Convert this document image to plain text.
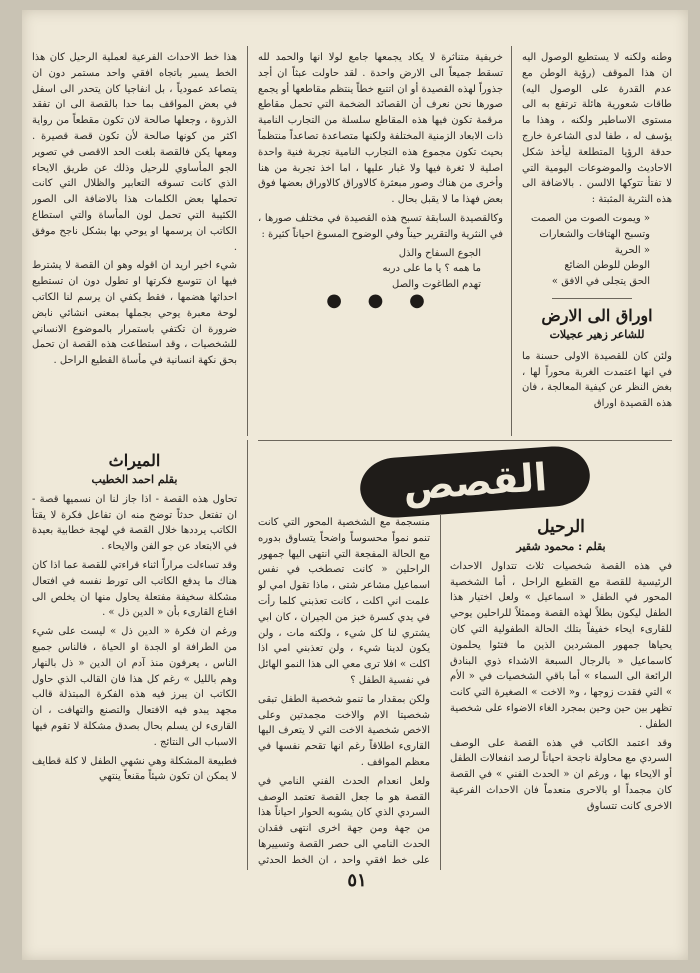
وطنه ولكنه لا يستطيع الوصول اليه ان هذا الموقف (رؤية الوطن مع عدم القدرة على الوصول اليه) طاقات شعورية هائلة ترتفع به الى مستوى الاساطير ولكنه ، وهذا ما يؤسف له ، طفا لدى الشاعرة خارج حدقة الرؤيا المتطلعة ليأخذ شكل الاحاديث والموضوعات اليومية التي لا تفتأ تتوكها الالسن . بالاضافة الى هذه النثرية المثبتة :

« ويموت الصوت من الصمت
وتسبح الهتافات والشعارات
« الحرية
الوطن للوطن الضائع
الحق يتجلى في الافق »
اوراق الى الارض
للشاعر زهير عجيلات

ولئن كان للقصيدة الاولى حسنة ما في انها اعتمدت الغربة محوراً لها ، بغض النظر عن كيفية المعالجة ، فان هذه القصيدة اوراق

خريفية متناثرة لا يكاد يجمعها جامع لولا انها والحمد لله تسقط جميعاً الى الارض واحدة . لقد حاولت عبثاً ان أجد جذوراً لهذه القصيدة أو ان اتتبع خطاً ينتظم مقاطعها أو يجمع صورها نحن نعرف أن القصائد الضخمة التي تحمل مقاطع مرقمة تكون فيها هذه المقاطع سلسلة من التجارب النامية ذات الابعاد الزمنية المختلفة ولكنها متصاعدة تصاعداً منتظماً بحيث تكون مجموع هذه التجارب النامية تجربة فنية واحدة اصلية لا ثغرة فيها ولا غبار عليها ، اما اخذ تجربة من هنا وأخرى من هناك وصور مبعثرة كالاوراق كالاوراق بعضها فوق بعض فهذا ما لا يقبل بحال .

وكالقصيدة السابقة تسبح هذه القصيدة في مختلف صورها ، في النثرية والتقرير حيناً وفي الوضوح المسوغ احياناً كثيرة :

الجوع السفاح والذل
ما همه ؟ يا ما على دربه
تهدم الطاغوت والصل
● ● ●

هذا خط الاحداث الفرعية لعملية الرحيل كان هذا الخط يسير باتجاه افقي واحد مستمر دون ان يتصاعد عمودياً ، بل انفاجيا كان يتحدر الى اسفل في بعض المواقف بما حدا بالقصة الى ان تفقد الذروة ، وجعلها صالحة لان تكون مقطعاً من رواية اكثر من كونها صالحة لأن تكون قصة قصيرة . ومعها يكن فالقصة بلغت الحد الاقصى في تصوير الجو المأساوي للرحيل وذلك عن طريق الايحاء الذي كانت تسوقه التعابير والظلال التي كانت تحملها بعض الكلمات هذا بالاضافة الى الصور الكئيبة التي تحمل لون المأساة والتي استطاع الكاتب ان يرسمها او يوحي بها بشكل ناجح موفق .

شيء اخير اريد ان اقوله وهو ان القصة لا يشترط فيها ان تتوسع فكرتها او تطول دون ان تستطيع احداثها هضمها ، فقط يكفي ان يرسم لنا الكاتب لوحة معبرة يوحي بجملها بمعنى انشائي نابض ضرورة ان تكتفي باستمرار بالموضوع الانساني للشخصيات ، وقد استطاعت هذه القصة ان تحمل بحق نكهة انسانية في مأساة القطيع الراحل .

القصص
الرحيل
بقلم : محمود شقير

في هذه القصة شخصيات ثلاث تتداول الاحداث الرئيسية للقصة مع القطيع الراحل ، أما الشخصية المحور في الطفل « اسماعيل » ولعل اختيار هذا الطفل ليكون بطلاً لهذه القصة وممثلاً للراحلين يوحي للقارىء ايحاء خفيفاً بتلك الحالة الطفولية التي كان يحياها جمهور المشردين الذين ما فتئوا يحلمون كاسماعيل « بالرجال السبعة الاشداء ذوي البنادق الرائعة الى السماء » أما باقي الشخصيات في « الأم » التي فقدت زوجها ، و« الاخت » الصغيرة التي كانت تظهر بين حين وحين بمجرد الغاء الاضواء على شخصية الطفل .

وقد اعتمد الكاتب في هذه القصة على الوصف السردي مع محاولة ناجحة احياناً لرصد انفعالات الطفل أو الايحاء بها ، ورغم ان « الحدث الفني » في القصة كان مجمداً او بالاحرى منعدماً فان الاحداث الفرعية الاخرى كانت تتساوق

منسجمة مع الشخصية المحور التي كانت تنمو نمواً محسوساً واضحاً يتساوق بدوره مع الحالة المفجعة التي انتهى اليها جمهور الراحلين « كانت تصطخب في نفس اسماعيل مشاعر شتى ، ماذا تقول امي لو علمت اني اكلت ، كانت تعذبني كلما رأت في يدي كسرة خبز من الجيران ، كان ابي يشتري لنا كل شيء ، ولكنه مات ، ولن يكون لدينا شيء ، ولن تعذبني امي اذا اكلت » افلا ترى معي الى هذا النمو الهائل في نفسية الطفل ؟

ولكن بمقدار ما تنمو شخصية الطفل تبقى شخصيتا الام والاخت مجمدتين وعلى الاخص شخصية الاخت التي لا يتعرف اليها القارىء اطلاقاً رغم انها تقحم نفسها في معظم المواقف .

ولعل انعدام الحدث الفني النامي في القصة هو ما جعل القصة تعتمد الوصف السردي الذي كان يشوبه الحوار احياناً هذا من جهة ومن جهة اخرى انتهى فقدان الحدث النامي الى حصر القصة وتسييرها على خط افقي واحد ، ان الخط الحدثي

الميراث
بقلم احمد الخطيب

تحاول هذه القصة - اذا جاز لنا ان نسميها قصة - ان تفتعل حدثاً توضح منه ان تفاعل فكرة لا يقتأ الكاتب يرددها خلال القصة في لهجة خطابية بعيدة في الابتعاد عن جو الفن والايحاء .

وقد تساءلت مراراً اثناء قراءتي للقصة عما اذا كان هناك ما يدفع الكاتب الى تورط نفسه في افتعال مشكلة سخيفة مفتعلة يحاول منها ان يخلص الى اقناع القارىء بأن « الدين ذل » .

ورغم ان فكرة « الدين ذل » ليست على شيء من الطرافة او الجدة او الحياة ، فالناس جميع الناس ، يعرفون منذ آدم ان الدين « ذل بالنهار وهم بالليل » رغم كل هذا فان القالب الذي حاول الكاتب ان يبرز فيه هذه الفكرة المبتذلة قالب مجهد يبدو فيه الافتعال والتصنع والتهافت ، ان القارىء لن يسلم بحال بصدق مشكلة لا تقوم فيها الاسباب الى النتائج .

فطبيعة المشكلة وهي نشهي الطفل لا كلة قطايف لا يمكن ان تكون شيئاً مقنعاً ينتهي

٥١
